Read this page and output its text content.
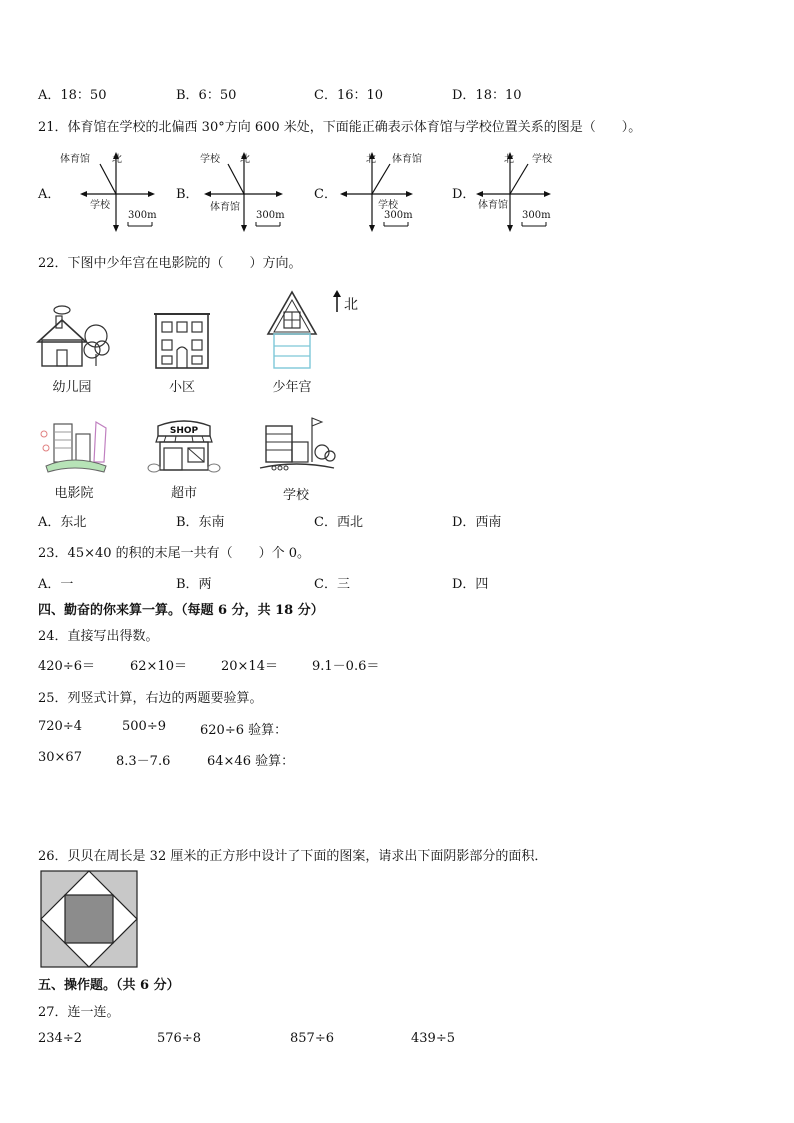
A．18：50	B．6：50	C．16：10	D．18：10
21．体育馆在学校的北偏西 30°方向 600 米处，下面能正确表示体育馆与学校位置关系的图是（　　）。
A．
体育馆 北
学校
300m
B．
学校 北
体育馆
300m
C．
北 体育馆
学校
300m
D．
北 学校
体育馆
300m
22．下图中少年宫在电影院的（　　）方向。
北
幼儿园	小区	少年宫
电影院
SHOP
超市	学校
A．东北	B．东南	C．西北	D．西南
23．45×40 的积的末尾一共有（　　）个 0。
A．一	B．两	C．三	D．四
四、勤奋的你来算一算。（每题 6 分，共 18 分）
24．直接写出得数。
420÷6＝	62×10＝	20×14＝	9.1－0.6＝
25．列竖式计算，右边的两题要验算。
720÷4	500÷9	620÷6 验算：
30×67	8.3－7.6	64×46 验算：
26．贝贝在周长是 32 厘米的正方形中设计了下面的图案，请求出下面阴影部分的面积．
五、操作题。（共 6 分）
27．连一连。
234÷2	576÷8	857÷6	439÷5
